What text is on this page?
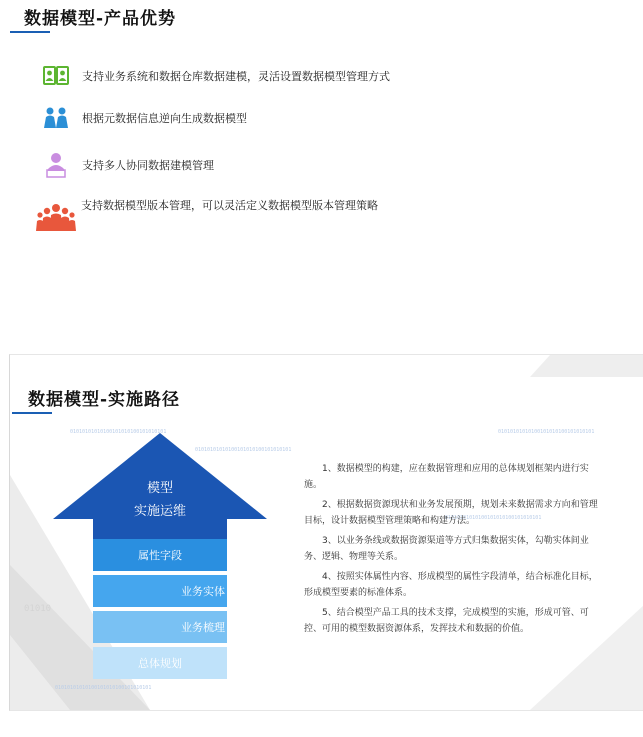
数据模型-产品优势
支持业务系统和数据仓库数据建模，灵活设置数据模型管理方式
根据元数据信息逆向生成数据模型
支持多人协同数据建模管理
支持数据模型版本管理，可以灵活定义数据模型版本管理策略
数据模型-实施路径
01010101010100101010100101010101
01010101010100101010100101010101	01010101010100101010100101010101
01010101010100101010100101010101
01010101010100101010100101010101
01010
模型
实施运维
属性字段
业务实体
业务梳理
总体规划

1、数据模型的构建，应在数据管理和应用的总体规划框架内进行实施。

2、根据数据资源现状和业务发展预期，规划未来数据需求方向和管理目标，设计数据模型管理策略和构建方法。

3、以业务条线或数据资源渠道等方式归集数据实体，勾勒实体间业务、逻辑、物理等关系。

4、按照实体属性内容、形成模型的属性字段清单，结合标准化目标，形成模型要素的标准体系。

5、结合模型产品工具的技术支撑，完成模型的实施，形成可管、可控、可用的模型数据资源体系，发挥技术和数据的价值。
